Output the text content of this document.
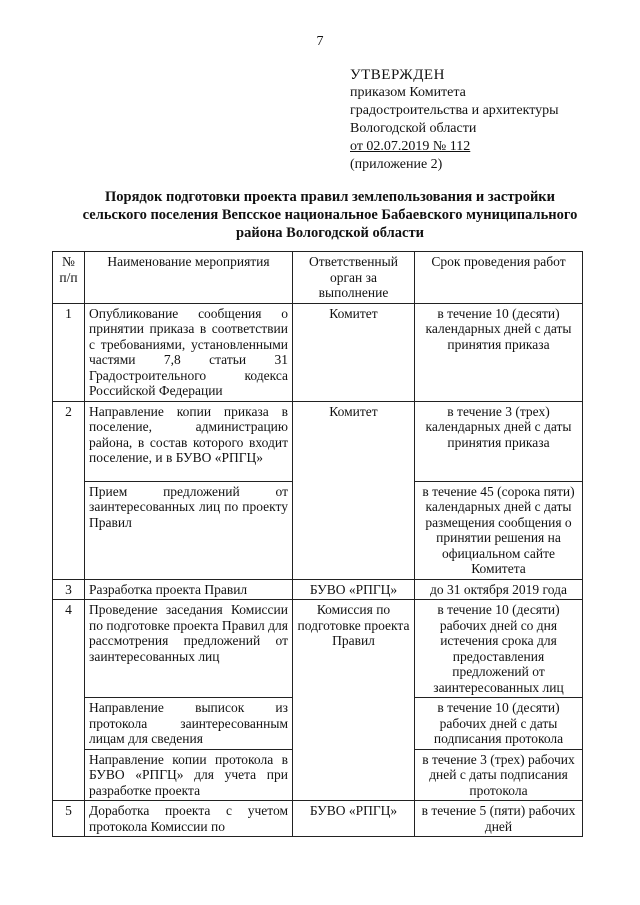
7
УТВЕРЖДЕН
приказом Комитета
градостроительства и архитектуры
Вологодской области
от 02.07.2019 № 112
(приложение 2)
Порядок подготовки проекта правил землепользования и застройки
сельского поселения Вепсское национальное Бабаевского муниципального
района Вологодской области
№ п/п	Наименование мероприятия	Ответственный орган за выполнение	Срок проведения работ
1	Опубликование сообщения о принятии приказа в соответствии с требованиями, установленными частями 7,8 статьи 31 Градостроительного кодекса Российской Федерации	Комитет	в течение 10 (десяти) календарных дней с даты принятия приказа
2	Направление копии приказа в поселение, администрацию района, в состав которого входит поселение, и в БУВО «РПГЦ»	Комитет	в течение 3 (трех) календарных дней с даты принятия приказа
	Прием предложений от заинтересованных лиц по проекту Правил		в течение 45 (сорока пяти) календарных дней с даты размещения сообщения о принятии решения на официальном сайте Комитета
3	Разработка проекта Правил	БУВО «РПГЦ»	до 31 октября 2019 года
4	Проведение заседания Комиссии по подготовке проекта Правил для рассмотрения предложений от заинтересованных лиц	Комиссия по подготовке проекта Правил	в течение 10 (десяти) рабочих дней со дня истечения срока для предоставления предложений от заинтересованных лиц
	Направление выписок из протокола заинтересованным лицам для сведения		в течение 10 (десяти) рабочих дней с даты подписания протокола
	Направление копии протокола в БУВО «РПГЦ» для учета при разработке проекта		в течение 3 (трех) рабочих дней с даты подписания протокола
5	Доработка проекта с учетом протокола Комиссии по	БУВО «РПГЦ»	в течение 5 (пяти) рабочих дней
